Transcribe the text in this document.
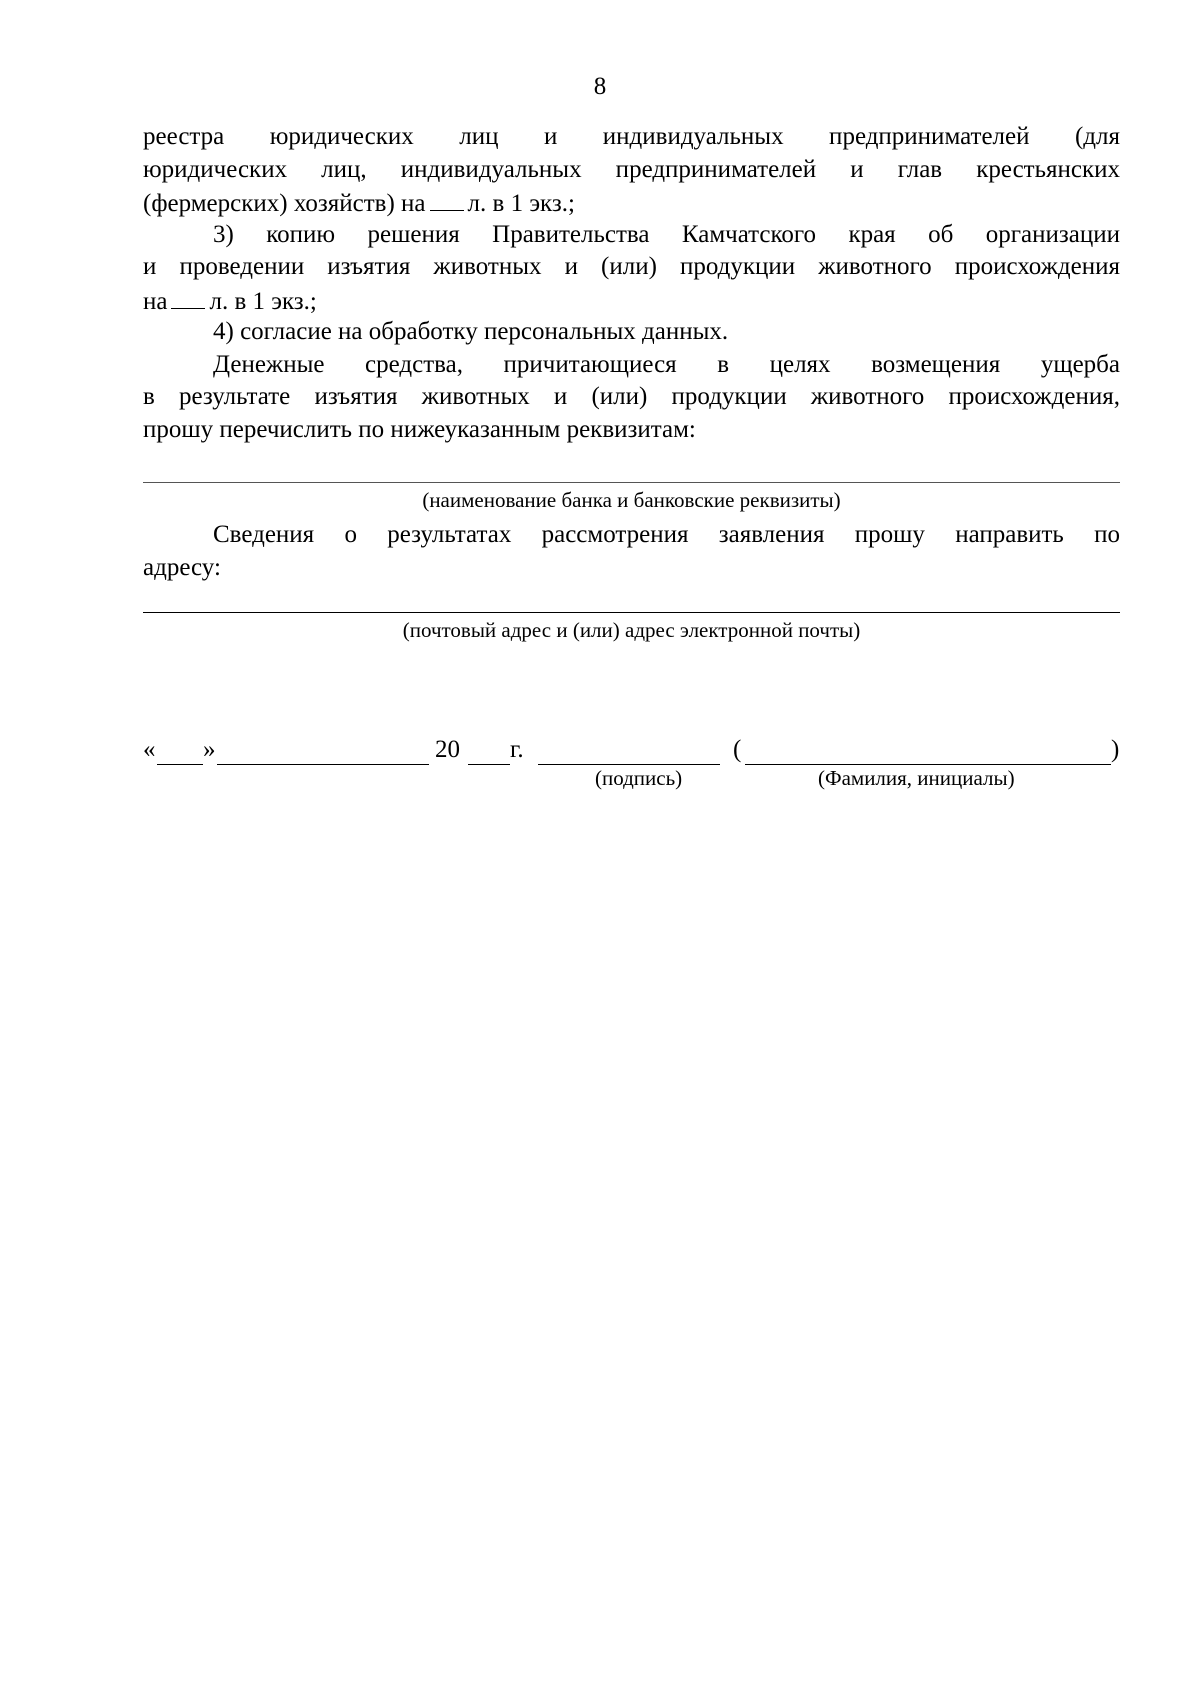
8
реестра юридических лиц и индивидуальных предпринимателей (для
юридических лиц, индивидуальных предпринимателей и глав крестьянских
(фермерских) хозяйств) на л. в 1 экз.;
3) копию решения Правительства Камчатского края об организации
и проведении изъятия животных и (или) продукции животного происхождения
на л. в 1 экз.;
4) согласие на обработку персональных данных.
Денежные средства, причитающиеся в целях возмещения ущерба
в результате изъятия животных и (или) продукции животного происхождения,
прошу перечислить по нижеуказанным реквизитам:
(наименование банка и банковские реквизиты)
Сведения о результатах рассмотрения заявления прошу направить по
адресу:
(почтовый адрес и (или) адрес электронной почты)
« »	20 г.	(	)
(подпись)	(Фамилия, инициалы)
